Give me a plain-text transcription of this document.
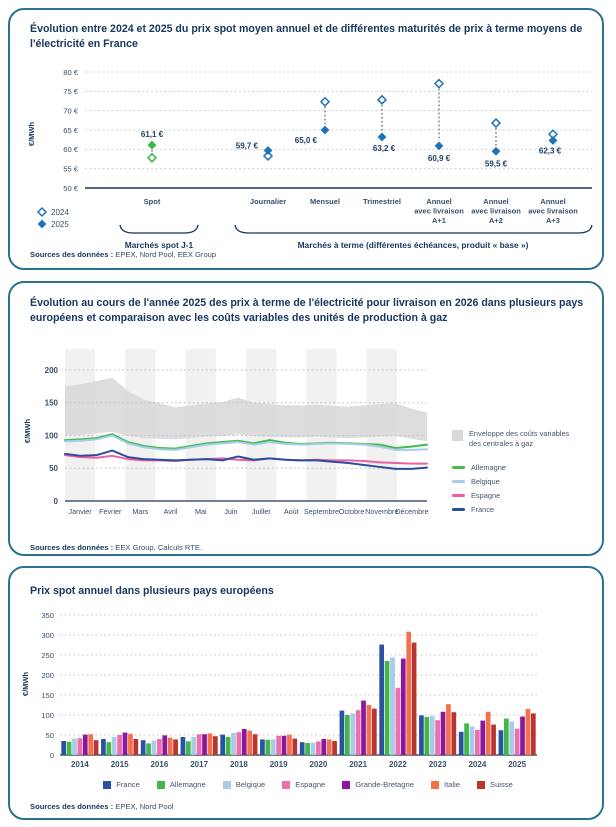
Évolution entre 2024 et 2025 du prix spot moyen annuel et de différentes maturités de prix à terme moyens de l'électricité en France
80 €
75 €
70 €
65 €
60 €
55 €
50 €
€/MWh	61,1 €
Spot
59,7 €
Journalier
65,0 €
Mensuel
63,2 €
Trimestriel
60,9 €
Annuel
avec livraison
A+1
59,5 €
Annuel
avec livraison
A+2
62,3 €
Annuel
avec livraison
A+3
2024
2025
Marchés spot J-1	Marchés à terme (différentes échéances, produit « base »)
Sources des données : EPEX, Nord Pool, EEX Group
Évolution au cours de l'année 2025 des prix à terme de l'électricité pour livraison en 2026 dans plusieurs pays européens et comparaison avec les coûts variables des unités de production à gaz
0
50
100
150
200
Janvier Février Mars Avril Mai Juin Juillet Août Septembre Octobre Novembre
Décembre
€/MWh	Enveloppe des coûts variables des centrales à gaz
Allemagne
Belgique
Espagne
France
Sources des données : EEX Group. Calculs RTE.
Prix spot annuel dans plusieurs pays européens
0
50
100
150
200
250
300
350
2014	2015	2016	2017	2018	2019	2020	2021	2022	2023	2024	2025
€/MWh
France	Allemagne	Belgique	Espagne	Grande-Bretagne	Italie	Suisse
Sources des données : EPEX, Nord Pool
